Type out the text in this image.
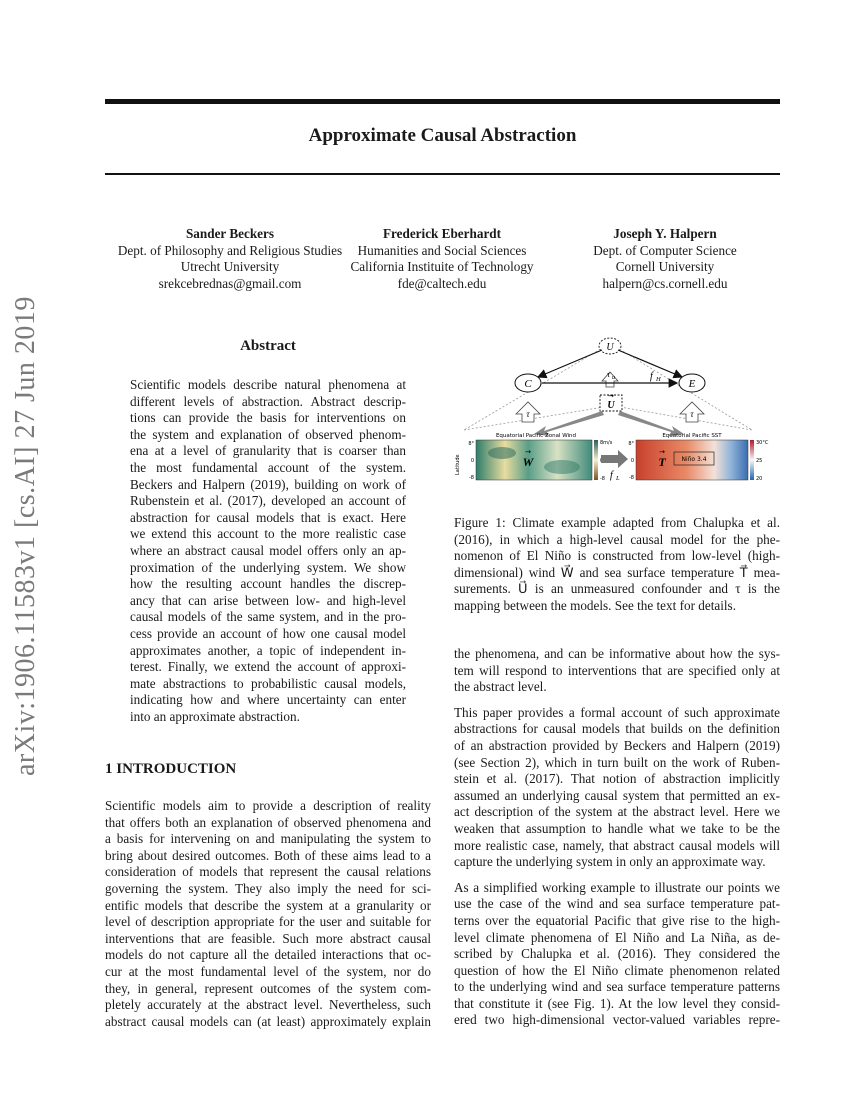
arXiv:1906.11583v1 [cs.AI] 27 Jun 2019
Approximate Causal Abstraction
Sander Beckers
Dept. of Philosophy and Religious Studies
Utrecht University
srekcebrednas@gmail.com
Frederick Eberhardt
Humanities and Social Sciences
California Instituite of Technology
fde@caltech.edu
Joseph Y. Halpern
Dept. of Computer Science
Cornell University
halpern@cs.cornell.edu
Abstract
Scientific models describe natural phenomena at
different levels of abstraction. Abstract descrip-
tions can provide the basis for interventions on
the system and explanation of observed phenom-
ena at a level of granularity that is coarser than
the most fundamental account of the system.
Beckers and Halpern (2019), building on work of
Rubenstein et al. (2017), developed an account of
abstraction for causal models that is exact. Here
we extend this account to the more realistic case
where an abstract causal model offers only an ap-
proximation of the underlying system. We show
how the resulting account handles the discrep-
ancy that can arise between low- and high-level
causal models of the same system, and in the pro-
cess provide an account of how one causal model
approximates another, a topic of independent in-
terest. Finally, we extend the account of approxi-
mate abstractions to probabilistic causal models,
indicating how and where uncertainty can enter
into an approximate abstraction.
1 INTRODUCTION
Scientific models aim to provide a description of reality
that offers both an explanation of observed phenomena and
a basis for intervening on and manipulating the system to
bring about desired outcomes. Both of these aims lead to a
consideration of models that represent the causal relations
governing the system. They also imply the need for sci-
entific models that describe the system at a granularity or
level of description appropriate for the user and suitable for
interventions that are feasible. Such more abstract causal
models do not capture all the detailed interactions that oc-
cur at the most fundamental level of the system, nor do
they, in general, represent outcomes of the system com-
pletely accurately at the abstract level. Nevertheless, such
abstract causal models can (at least) approximately explain
U
τ u
C	E
f H
U
→
τ	τ
Equatorial Pacific Zonal Wind
Latitude
8°
0
-8
W
→
8m/s
-8 f L
Equatorial Pacific SST
8°
0
-8
T
→
Niño 3.4
30°C
25
20
Figure 1: Climate example adapted from Chalupka et al.
(2016), in which a high-level causal model for the phe-
nomenon of El Niño is constructed from low-level (high-
dimensional) wind W⃗ and sea surface temperature T⃗ mea-
surements. U⃗ is an unmeasured confounder and τ is the
mapping between the models. See the text for details.
the phenomena, and can be informative about how the sys-
tem will respond to interventions that are specified only at
the abstract level.
This paper provides a formal account of such approximate
abstractions for causal models that builds on the definition
of an abstraction provided by Beckers and Halpern (2019)
(see Section 2), which in turn built on the work of Ruben-
stein et al. (2017). That notion of abstraction implicitly
assumed an underlying causal system that permitted an ex-
act description of the system at the abstract level. Here we
weaken that assumption to handle what we take to be the
more realistic case, namely, that abstract causal models will
capture the underlying system in only an approximate way.
As a simplified working example to illustrate our points we
use the case of the wind and sea surface temperature pat-
terns over the equatorial Pacific that give rise to the high-
level climate phenomena of El Niño and La Niña, as de-
scribed by Chalupka et al. (2016). They considered the
question of how the El Niño climate phenomenon related
to the underlying wind and sea surface temperature patterns
that constitute it (see Fig. 1). At the low level they consid-
ered two high-dimensional vector-valued variables repre-
